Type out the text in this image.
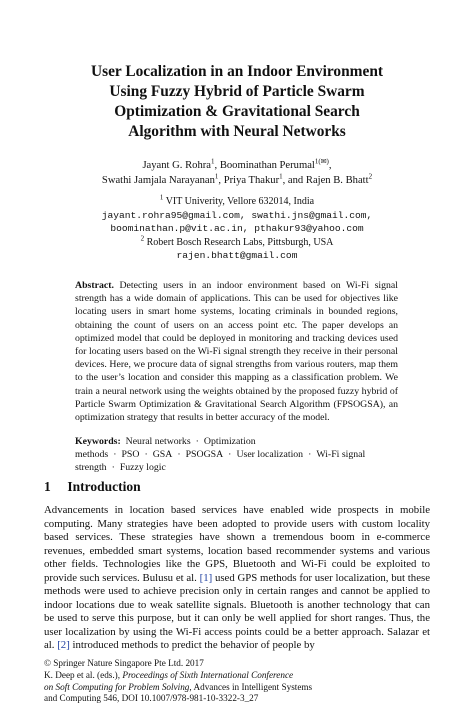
User Localization in an Indoor Environment
Using Fuzzy Hybrid of Particle Swarm
Optimization & Gravitational Search
Algorithm with Neural Networks
Jayant G. Rohra$^1$, Boominathan Perumal$^{1(✉)}$,
Swathi Jamjala Narayanan$^1$, Priya Thakur$^1$, and Rajen B. Bhatt$^2$
$^1$ VIT Univerity, Vellore 632014, India
jayant.rohra95@gmail.com, swathi.jns@gmail.com,
boominathan.p@vit.ac.in, pthakur93@yahoo.com
$^2$ Robert Bosch Research Labs, Pittsburgh, USA
rajen.bhatt@gmail.com
Abstract. Detecting users in an indoor environment based on Wi-Fi signal strength has a wide domain of applications. This can be used for objectives like locating users in smart home systems, locating criminals in bounded regions, obtaining the count of users on an access point etc. The paper develops an optimized model that could be deployed in monitoring and tracking devices used for locating users based on the Wi-Fi signal strength they receive in their personal devices. Here, we procure data of signal strengths from various routers, map them to the user’s location and consider this mapping as a classification problem. We train a neural network using the weights obtained by the proposed fuzzy hybrid of Particle Swarm Optimization & Gravitational Search Algorithm (FPSOGSA), an optimization strategy that results in better accuracy of the model.
Keywords: Neural networks · Optimization methods · PSO · GSA · PSOGSA · User localization · Wi-Fi signal strength · Fuzzy logic
1 Introduction
Advancements in location based services have enabled wide prospects in mobile computing. Many strategies have been adopted to provide users with custom locality based services. These strategies have shown a tremendous boom in e-commerce revenues, embedded smart systems, location based recommender systems and various other fields. Technologies like the GPS, Bluetooth and Wi-Fi could be exploited to provide such services. Bulusu et al. [1] used GPS methods for user localization, but these methods were used to achieve precision only in certain ranges and cannot be applied to indoor locations due to weak satellite signals. Bluetooth is another technology that can be used to serve this purpose, but it can only be well applied for short ranges. Thus, the user localization by using the Wi-Fi access points could be a better approach. Salazar et al. [2] introduced methods to predict the behavior of people by
© Springer Nature Singapore Pte Ltd. 2017
K. Deep et al. (eds.), Proceedings of Sixth International Conference
on Soft Computing for Problem Solving, Advances in Intelligent Systems
and Computing 546, DOI 10.1007/978-981-10-3322-3_27
